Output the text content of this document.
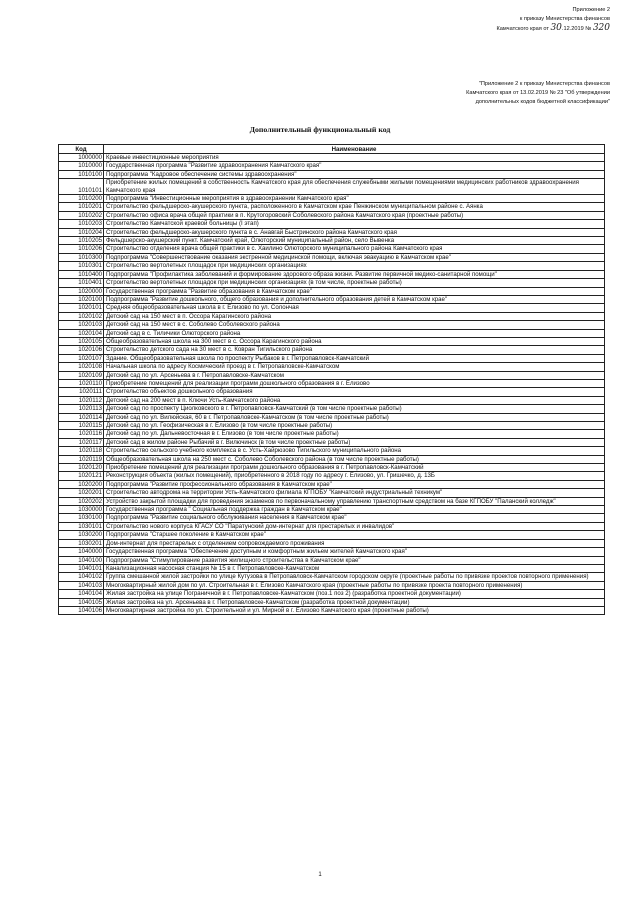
Приложение 2
к приказу Министерства финансов
Камчатского края от 30.12.2019 № 320
"Приложение 2 к приказу Министерства финансов
Камчатского края от 13.02.2019 № 23 "Об утверждении
дополнительных кодов бюджетной классификации"
Дополнительный функциональный код
Код	Наименование
1000000	Краевые инвестиционные мероприятия
1010000	Государственная программа "Развитие здравоохранения Камчатского края"
1010100	Подпрограмма "Кадровое обеспечение системы здравоохранения"
1010101	Приобретение жилых помещений в собственность Камчатского края для обеспечения служебными жилыми помещениями медицинских работников здравоохранения Камчатского края
1010200	Подпрограмма "Инвестиционные мероприятия в здравоохранении Камчатского края"
1010201	Строительство фельдшерско-акушерского пункта, расположенного в Камчатском крае Пенжинском муниципальном районе с. Аянка
1010202	Строительство офиса врача общей практики в п. Крутогоровский Соболевского района Камчатского края (проектные работы)
1010203	Строительство Камчатской краевой больницы (I этап)
1010204	Строительство фельдшерско-акушерского пункта в с. Анавгай Быстринского района Камчатского края
1010205	Фельдшерско-акушерский пункт. Камчатский край, Олюторский муниципальный район, село Вывенка
1010206	Строительство отделения врача общей практики в с. Хаилино Олюторского муниципального района Камчатского края
1010300	Подпрограмма "Совершенствование оказания экстренной медицинской помощи, включая эвакуацию в Камчатском крае"
1010301	Строительство вертолетных площадок при медицинских организациях
1010400	Подпрограмма "Профилактика заболеваний и формирование здорового образа жизни. Развитие первичной медико-санитарной помощи"
1010401	Строительство вертолетных площадок при медицинских организациях (в том числе, проектные работы)
1020000	Государственная программа "Развитие образования в Камчатском крае"
1020100	Подпрограмма "Развитие дошкольного, общего образования и дополнительного образования детей в Камчатском крае"
1020101	Средняя общеобразовательная школа в г. Елизово по ул. Солончая
1020102	Детский сад на 150 мест в п. Оссора Карагинского района
1020103	Детский сад на 150 мест в с. Соболево Соболевского района
1020104	Детский сад в с. Тиличики Олюторского района
1020105	Общеобразовательная школа на 300 мест в с. Оссора Карагинского района
1020106	Строительство детского сада на 30 мест в с. Ковран Тигильского района
1020107	Здание. Общеобразовательная школа по проспекту Рыбаков в г. Петропавловск-Камчатский
1020108	Начальная школа по адресу Космический проезд в г. Петропавловске-Камчатском
1020109	Детский сад по ул. Арсеньева в г. Петропавловске-Камчатском
1020110	Приобретение помещений для реализации программ дошкольного образования в г. Елизово
1020111	Строительство объектов дошкольного образования
1020112	Детский сад на 200 мест в п. Ключи Усть-Камчатского района
1020113	Детский сад по проспекту Циолковского в г. Петропавловск-Камчатский (в том числе проектные работы)
1020114	Детский сад по ул. Вилюйская, 60 в г. Петропавловске-Камчатском (в том числе проектные работы)
1020115	Детский сад по ул. Геофизическая в г. Елизово (в том числе проектные работы)
1020116	Детский сад по ул. Дальневосточная в г. Елизово (в том числе проектные работы)
1020117	Детский сад в жилом районе Рыбачий в г. Вилючинск (в том числе проектные работы)
1020118	Строительство сельского учебного комплекса в с. Усть-Хайрюзово Тигильского муниципального района
1020119	Общеобразовательная школа на 250 мест с. Соболево Соболевского района (в том числе проектные работы)
1020120	Приобретение помещений для реализации программ дошкольного образования в г. Петропавловск-Камчатский
1020121	Реконструкция объекта (жилых помещений), приобретенного в 2018 году по адресу г. Елизово, ул. Гришечко, д. 13Б
1020200	Подпрограмма "Развитие профессионального образования в Камчатском крае"
1020201	Строительство автодрома на территории Усть-Камчатского филиала КГПОБУ "Камчатский индустриальный техникум"
1020202	Устройство закрытой площадки для проведения экзаменов по первоначальному управлению транспортным средством на базе КГПОБУ "Паланский колледж"
1030000	Государственная программа " Социальная поддержка граждан в Камчатском крае"
1030100	Подпрограмма "Развитие социального обслуживания населения в Камчатском крае"
1030101	Строительство нового корпуса КГАСУ СО "Паратунский дом-интернат для престарелых и инвалидов"
1030200	Подпрограмма "Старшее поколение в Камчатском крае"
1030201	Дом-интернат для престарелых с отделением сопровождаемого проживания
1040000	Государственная программа "Обеспечение доступным и комфортным жильем жителей Камчатского края"
1040100	Подпрограмма "Стимулирование развития жилищного строительства в Камчатском крае"
1040101	Канализационная насосная станция № 15 в г. Петропавловске-Камчатском
1040102	Группа смешанной жилой застройки по улице Кутузова в Петропавловск-Камчатском городском округе (проектные работы по привязке проектов повторного применения)
1040103	Многоквартирный жилой дом по ул. Строительная в г. Елизово Камчатского края (проектные работы по привязке проекта повторного применения)
1040104	Жилая застройка на улице Пограничной в г. Петропавловске-Камчатском (поз.1 поз 2) (разработка проектной документации)
1040105	Жилая застройка на ул. Арсеньева в г. Петропавловске-Камчатском (разработка проектной документации)
1040106	Многоквартирная застройка по ул. Строительной и ул. Мирной в г. Елизово Камчатского края (проектные работы)
1
